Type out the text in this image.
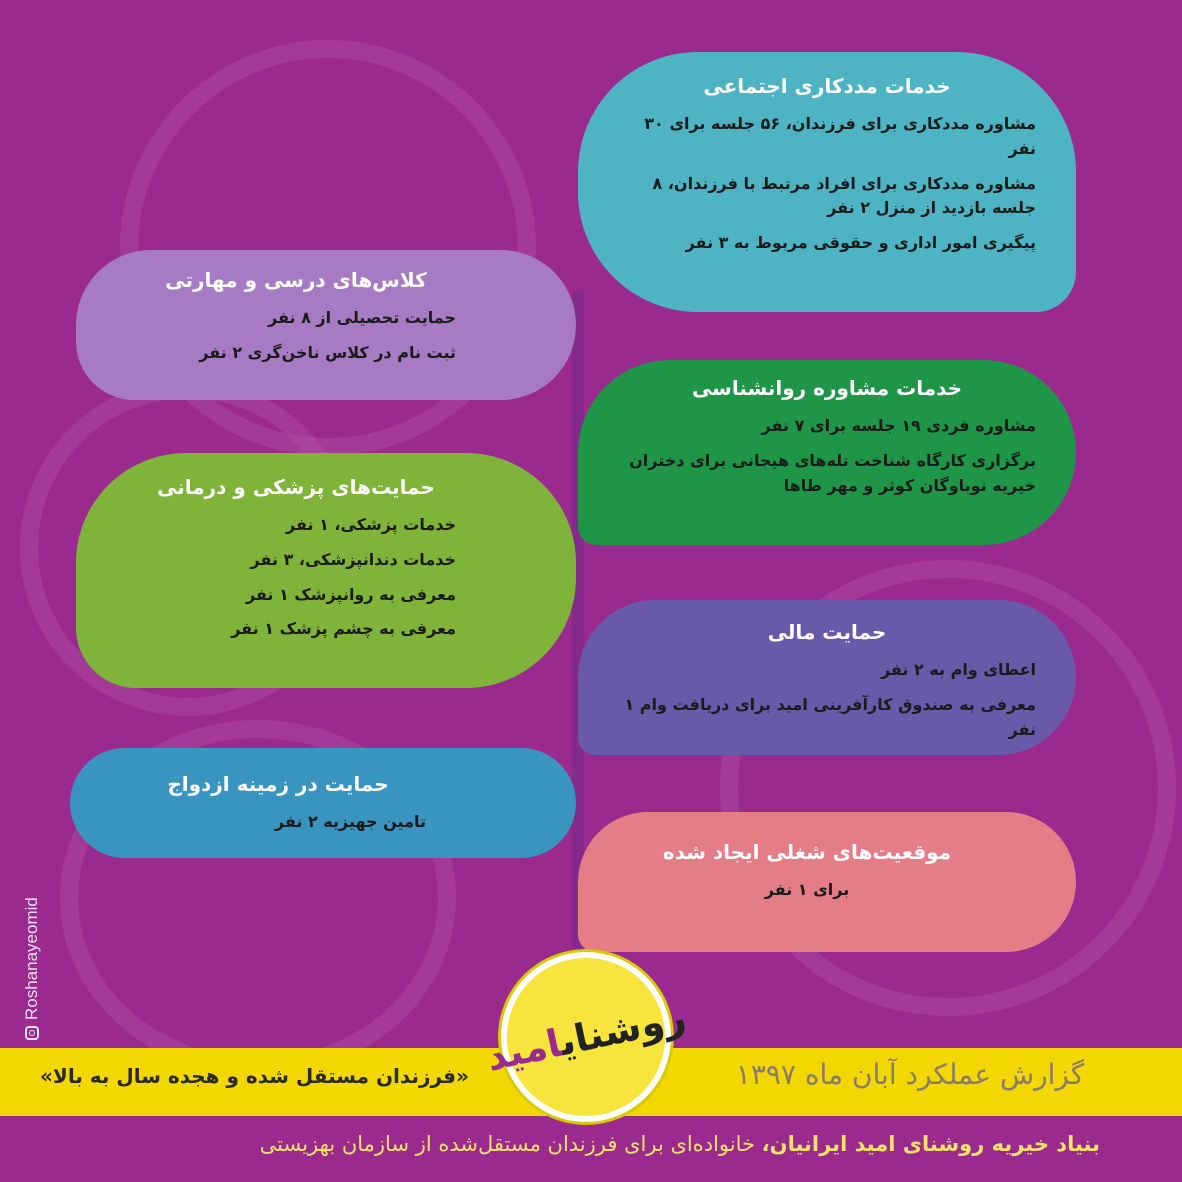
خدمات مددکاری اجتماعی
مشاوره مددکاری برای فرزندان، ۵۶ جلسه برای ۳۰ نفر
مشاوره مددکاری برای افراد مرتبط با فرزندان، ۸ جلسه بازدید از منزل ۲ نفر
پیگیری امور اداری و حقوقی مربوط به ۳ نفر
کلاس‌های درسی و مهارتی
حمایت تحصیلی از ۸ نفر
ثبت نام در کلاس ناخن‌گری ۲ نفر
خدمات مشاوره روانشناسی
مشاوره فردی ۱۹ جلسه برای ۷ نفر
برگزاری کارگاه شناخت تله‌های هیجانی برای دختران خیریه نوباوگان کوثر و مهر طاها
حمایت‌های پزشکی و درمانی
خدمات پزشکی، ۱ نفر
خدمات دندانپزشکی، ۳ نفر
معرفی به روانپزشک ۱ نفر
معرفی به چشم پزشک ۱ نفر	حمایت مالی
اعطای وام به ۲ نفر
معرفی به صندوق کارآفرینی امید برای دریافت وام ۱ نفر
حمایت در زمینه ازدواج
تامین جهیزیه ۲ نفر
موقعیت‌های شغلی ایجاد شده
برای ۱ نفر
Roshanayeomid
«فرزندان مستقل شده و هجده سال به بالا»	گزارش عملکرد آبان ماه ۱۳۹۷
روشنایامید
بنیاد خیریه روشنای امید ایرانیان، خانواده‌ای برای فرزندان مستقل‌شده از سازمان بهزیستی
